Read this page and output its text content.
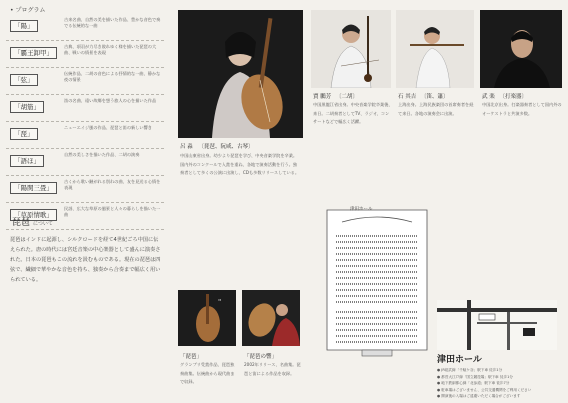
• プログラム
「陽」
古来名曲、自然の美を描いた作品、豊かな音色で奏でる伝統的な一曲
「覇王卸甲」
古典、項羽が力尽き敗れゆく様を描いた琵琶の大曲、戦いの情景を表現
「弦」
伝統作品、二胡の音色による抒情的な一曲、静かな夜の情景
「胡笳」
笛の名曲、遠い故郷を想う旅人の心を描いた作品
「琵」
ニューエイジ風の作品、琵琶と笛の新しい響き
「語ほ」
自然の美しさを描いた作品、二胡の演奏
「陽関三畳」
古くから歌い継がれる別れの曲、友を見送る心情を表現
「草原情歌」
民謡、広大な草原の風景と人々の暮らしを描いた一曲
琵琶 について
琵琶はインドに起源し、シルクロードを経て4世紀ごろ中国に伝えられた。唐の時代には宮廷音楽の中心楽器として盛んに演奏された。日本の琵琶もこの流れを汲むものである。現在の琵琶は四弦で、繊細で華やかな音色を持ち、独奏から合奏まで幅広く用いられている。
呂 淼 〔琵琶、阮咸、古琴〕
中国山東省出身。幼少より琵琶を学び、中央音楽学院を卒業。国内外のコンクールで入賞を重ね、各地で演奏活動を行う。独奏者として多くの公演に出演し、CDも多数リリースしている。
賈 鵬芳 〔二胡〕
中国黒龍江省出身。中央音楽学院卒業後、来日。二胡奏者としてTV、ラジオ、コンサートなどで幅広く活躍。
石 其吉 〔笛、簫〕
上海出身。上海民族楽団の首席奏者を経て来日。各地の演奏会に出演。
武 楽 〔打楽器〕
中国北京出身。打楽器奏者として国内外のオーケストラと共演多数。
"
「琵琶」
グランプリ受賞作品、琵琶独奏曲集。伝統曲から現代曲まで収録。
「琵琶の響」
2002年リリース、名曲集。琵琶と笛による作品を収録。
津田ホール
津田ホール
● JR総武線「千駄ケ谷」駅下車 徒歩1分
● 都営大江戸線「国立競技場」駅下車 徒歩1分
● 地下鉄副都心線「北参道」駅下車 徒歩7分
● 駐車場はございません、公共交通機関をご利用ください
● 開演後の入場はご遠慮いただく場合がございます
